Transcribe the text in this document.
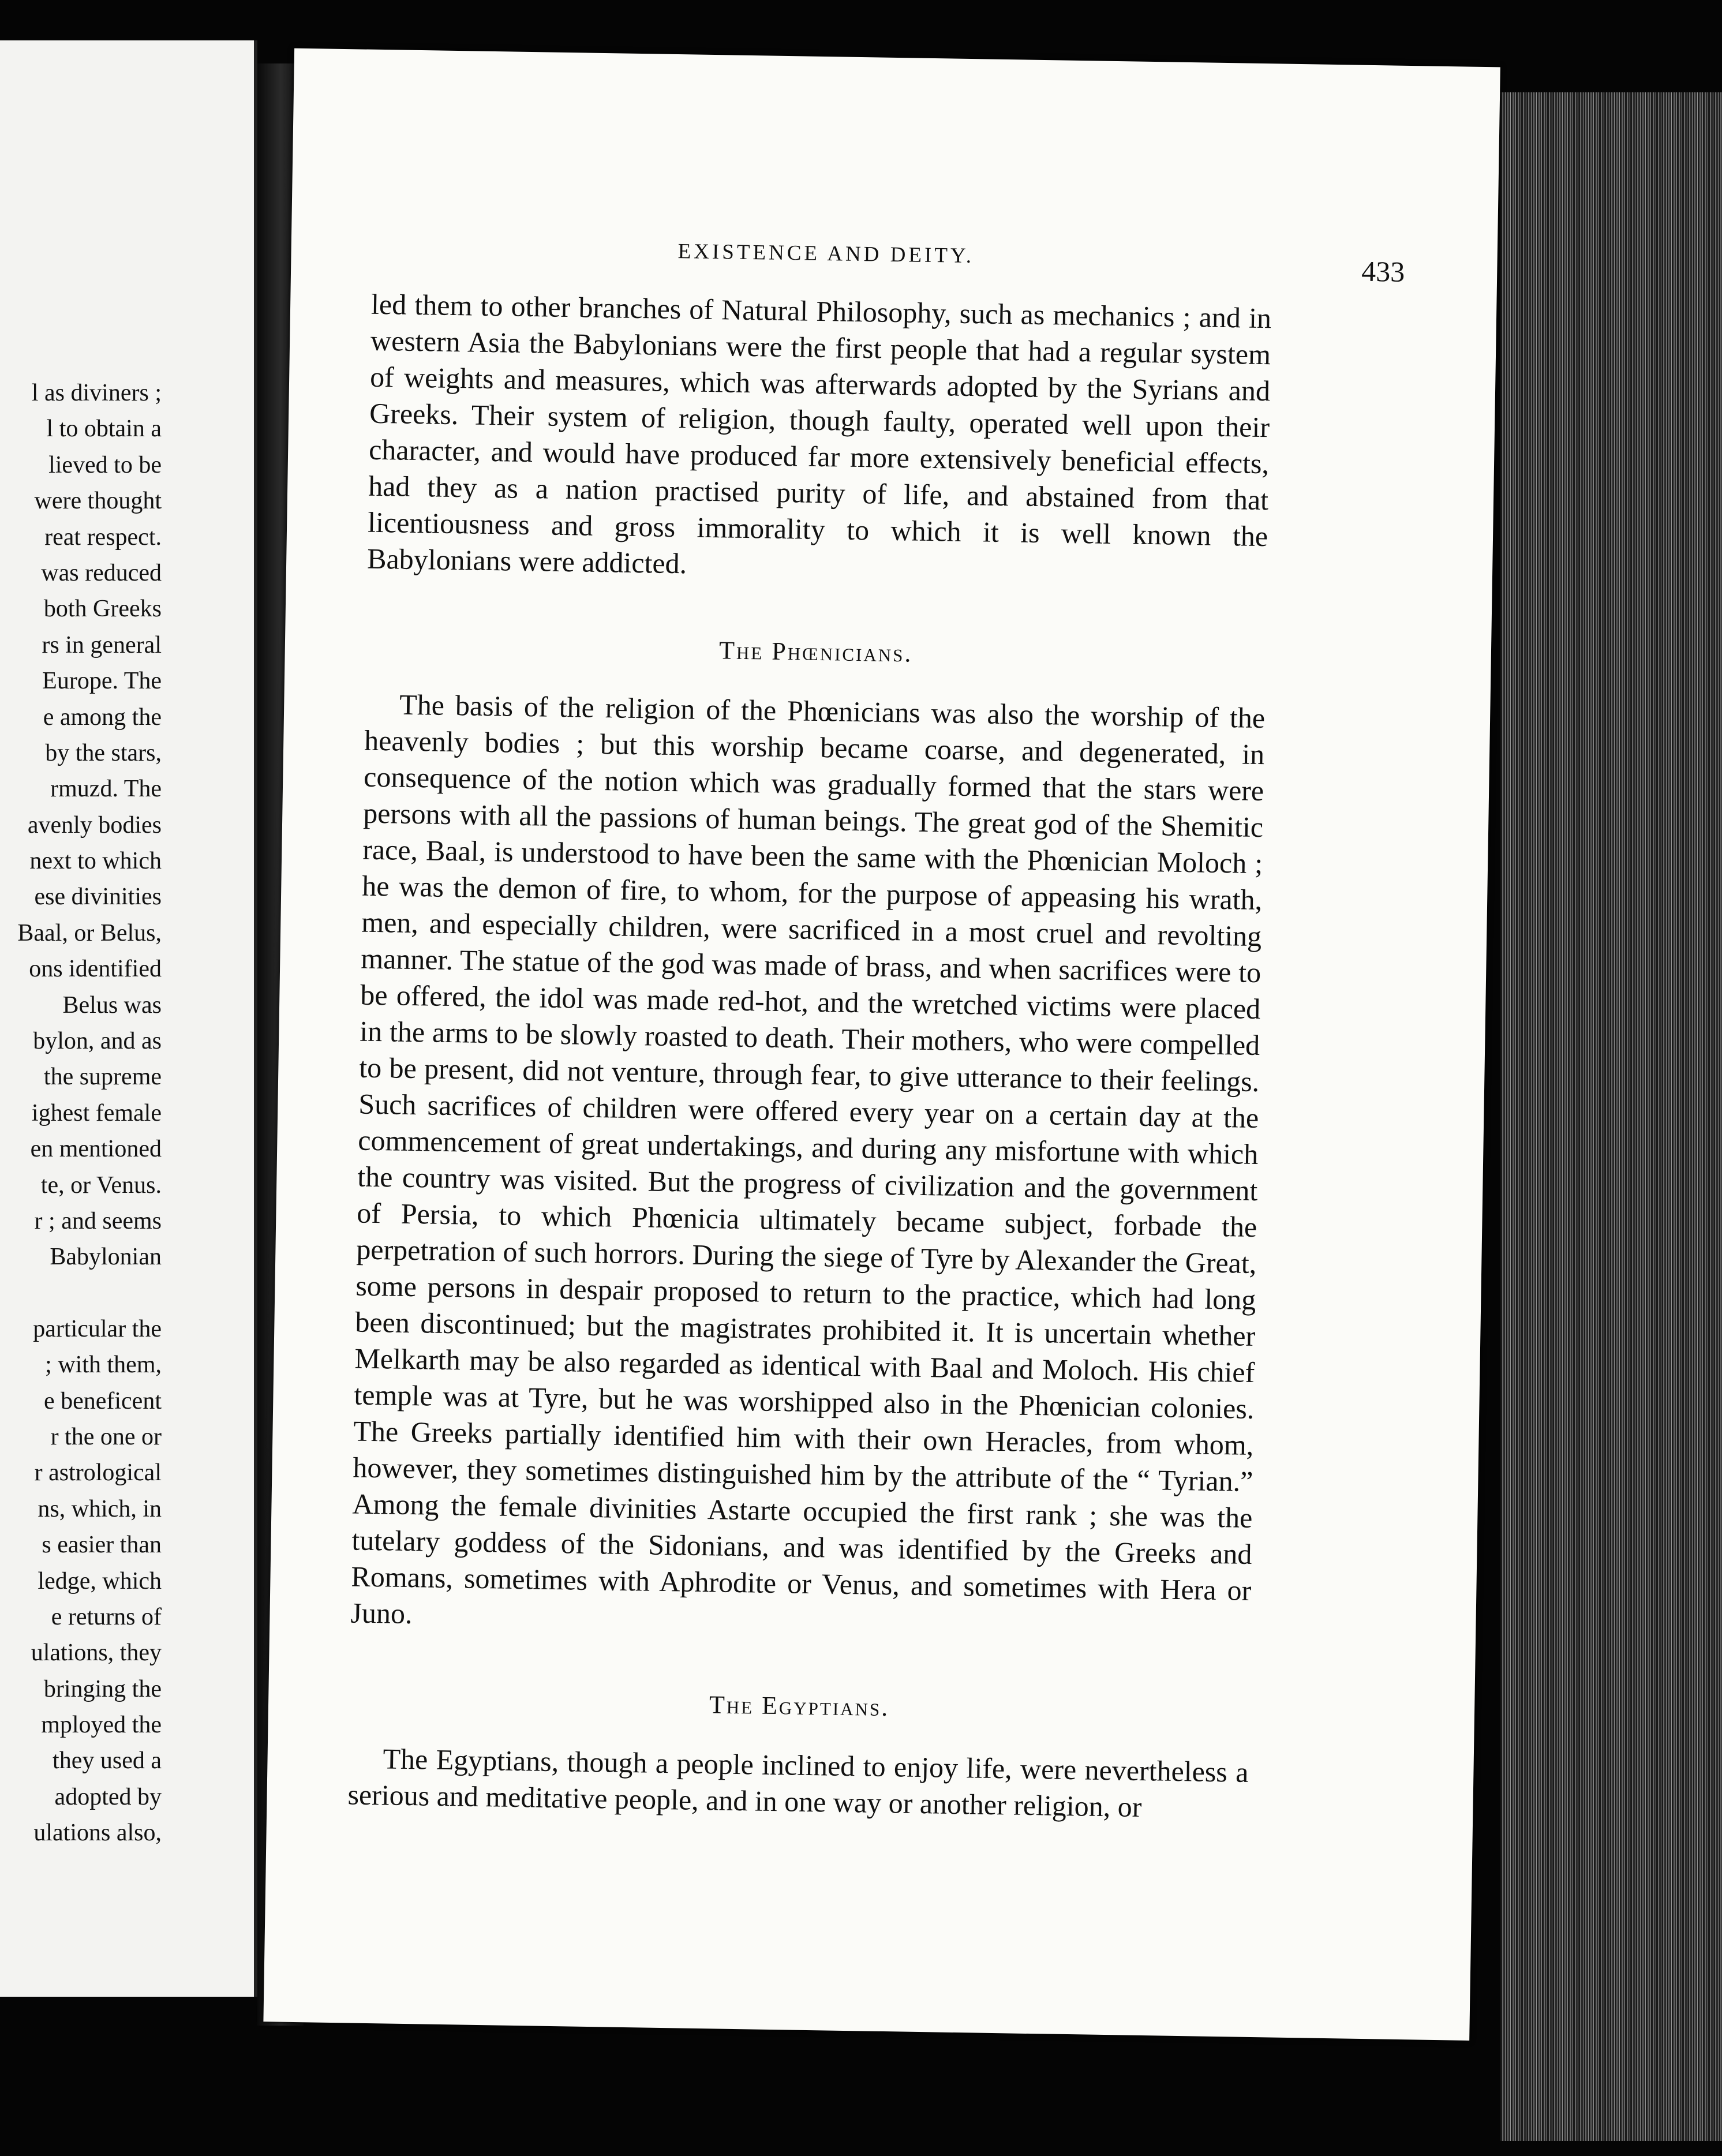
l as diviners ;
l to obtain a
lieved to be
were thought
reat respect.
was reduced
both Greeks
rs in general
Europe. The
e among the
by the stars,
rmuzd. The
avenly bodies
next to which
ese divinities
Baal, or Belus,
ons identified
Belus was
bylon, and as
the supreme
ighest female
en mentioned
te, or Venus.
r ; and seems
Babylonian
particular the
; with them,
e beneficent
r the one or
r astrological
ns, which, in
s easier than
ledge, which
e returns of
ulations, they
bringing the
mployed the
they used a
adopted by
ulations also,
EXISTENCE AND DEITY.
433

led them to other branches of Natural Philosophy, such as mechanics ; and in western Asia the Babylonians were the first people that had a regular system of weights and measures, which was afterwards adopted by the Syrians and Greeks. Their system of religion, though faulty, operated well upon their character, and would have produced far more extensively beneficial effects, had they as a nation practised purity of life, and abstained from that licentiousness and gross immorality to which it is well known the Babylonians were addicted.

The Phœnicians.

The basis of the religion of the Phœnicians was also the worship of the heavenly bodies ; but this worship became coarse, and degenerated, in consequence of the notion which was gradually formed that the stars were persons with all the passions of human beings. The great god of the Shemitic race, Baal, is understood to have been the same with the Phœnician Moloch ; he was the demon of fire, to whom, for the purpose of appeasing his wrath, men, and especially children, were sacrificed in a most cruel and revolting manner. The statue of the god was made of brass, and when sacrifices were to be offered, the idol was made red-hot, and the wretched victims were placed in the arms to be slowly roasted to death. Their mothers, who were compelled to be present, did not venture, through fear, to give utterance to their feelings. Such sacrifices of children were offered every year on a certain day at the commencement of great undertakings, and during any misfortune with which the country was visited. But the progress of civilization and the government of Persia, to which Phœnicia ultimately became subject, forbade the perpetration of such horrors. During the siege of Tyre by Alexander the Great, some persons in despair proposed to return to the practice, which had long been discontinued; but the magistrates prohibited it. It is uncertain whether Melkarth may be also regarded as identical with Baal and Moloch. His chief temple was at Tyre, but he was worshipped also in the Phœnician colonies. The Greeks partially identified him with their own Heracles, from whom, however, they sometimes distinguished him by the attribute of the “ Tyrian.” Among the female divinities Astarte occupied the first rank ; she was the tutelary goddess of the Sidonians, and was identified by the Greeks and Romans, sometimes with Aphrodite or Venus, and sometimes with Hera or Juno.

The Egyptians.

The Egyptians, though a people inclined to enjoy life, were nevertheless a serious and meditative people, and in one way or another religion, or
